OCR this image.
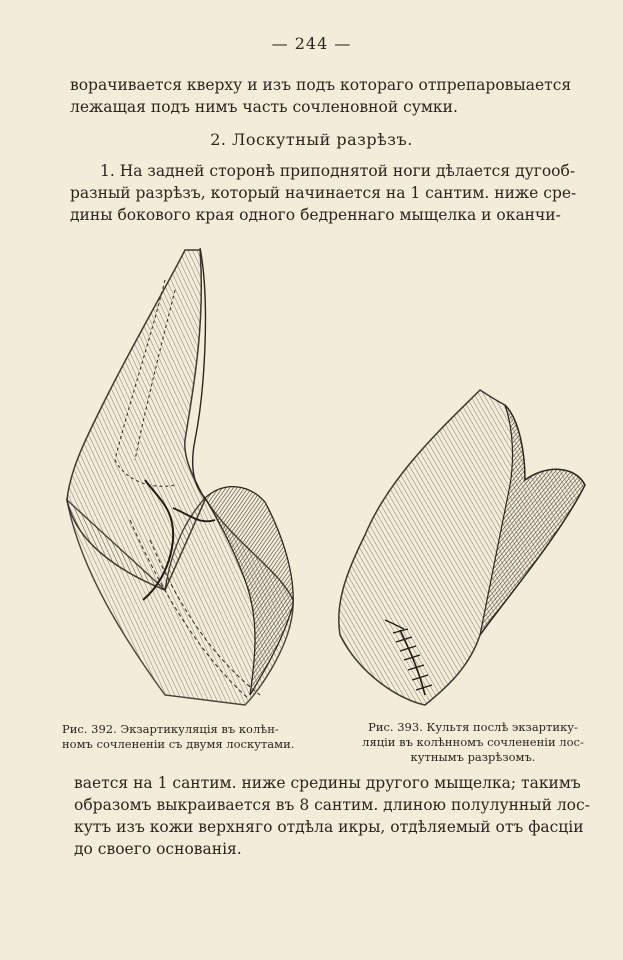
— 244 —

ворачивается кверху и изъ подъ котораго отпрепаровыается
лежащая подъ нимъ часть сочленовной сумки.

2. Лоскутный разрѣзъ.

1. На задней сторонѣ приподнятой ноги дѣлается дугооб-
разный разрѣзъ, который начинается на 1 сантим. ниже сре-
дины бокового края одного бедреннаго мыщелка и оканчи-

Рис. 392. Экзартикуляція въ колѣн-
номъ сочлененіи съ двумя лоскутами.
Рис. 393. Культя послѣ экзартику-
ляціи въ колѣнномъ сочлененіи лос-
кутнымъ разрѣзомъ.

вается на 1 сантим. ниже средины другого мыщелка; такимъ
образомъ выкраивается въ 8 сантим. длиною полулунный лос-
кутъ изъ кожи верхняго отдѣла икры, отдѣляемый отъ фасціи
до своего основанія.
